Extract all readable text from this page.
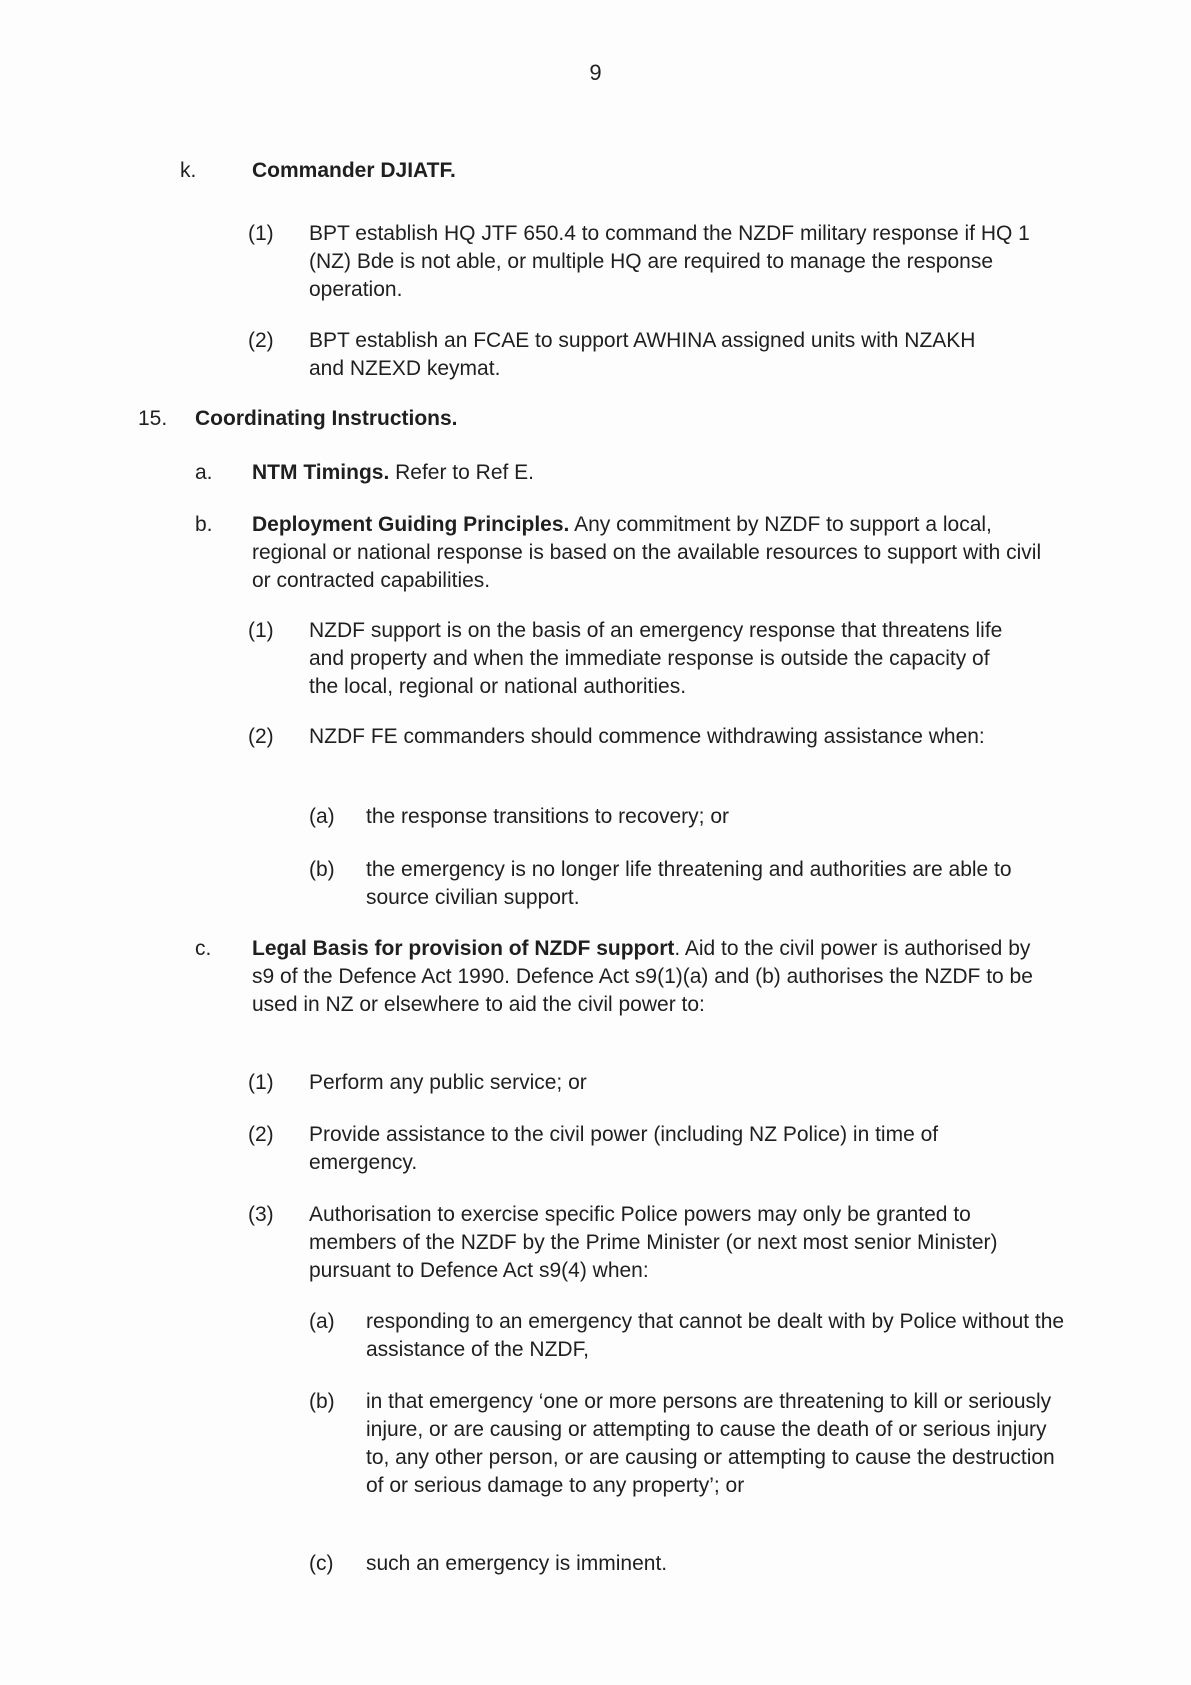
9
k.	Commander DJIATF.
(1) BPT establish HQ JTF 650.4 to command the NZDF military response if HQ 1 (NZ) Bde is not able, or multiple HQ are required to manage the response operation.
(2) BPT establish an FCAE to support AWHINA assigned units with NZAKH and NZEXD keymat.
15. Coordinating Instructions.
a. NTM Timings. Refer to Ref E.
b. Deployment Guiding Principles. Any commitment by NZDF to support a local, regional or national response is based on the available resources to support with civil or contracted capabilities.
(1) NZDF support is on the basis of an emergency response that threatens life and property and when the immediate response is outside the capacity of the local, regional or national authorities.
(2) NZDF FE commanders should commence withdrawing assistance when:
(a) the response transitions to recovery; or
(b) the emergency is no longer life threatening and authorities are able to source civilian support.
c. Legal Basis for provision of NZDF support. Aid to the civil power is authorised by s9 of the Defence Act 1990. Defence Act s9(1)(a) and (b) authorises the NZDF to be used in NZ or elsewhere to aid the civil power to:
(1) Perform any public service; or
(2) Provide assistance to the civil power (including NZ Police) in time of emergency.
(3) Authorisation to exercise specific Police powers may only be granted to members of the NZDF by the Prime Minister (or next most senior Minister) pursuant to Defence Act s9(4) when:
(a) responding to an emergency that cannot be dealt with by Police without the assistance of the NZDF,
(b) in that emergency ‘one or more persons are threatening to kill or seriously injure, or are causing or attempting to cause the death of or serious injury to, any other person, or are causing or attempting to cause the destruction of or serious damage to any property’; or
(c) such an emergency is imminent.
